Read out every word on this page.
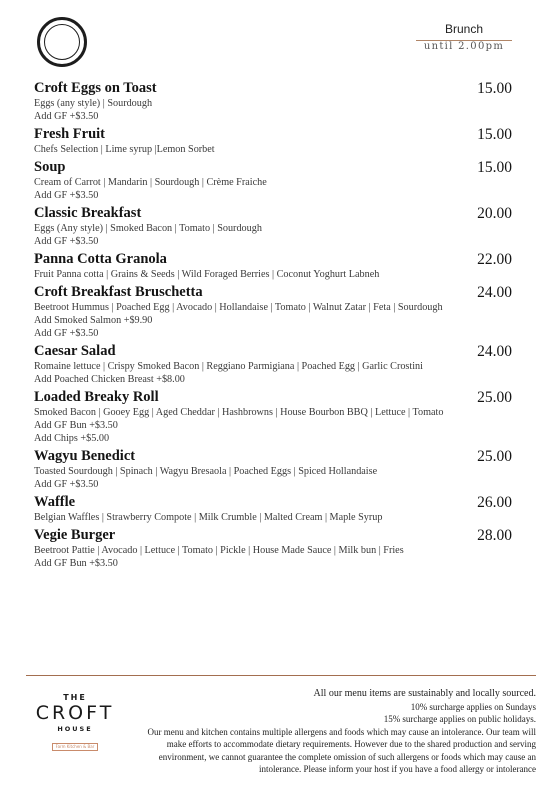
Brunch
until 2.00pm
Croft Eggs on Toast	15.00
Eggs (any style) | Sourdough
Add GF +$3.50
Fresh Fruit	15.00
Chefs Selection | Lime syrup |Lemon Sorbet
Soup	15.00
Cream of Carrot | Mandarin | Sourdough | Crème Fraiche
Add GF +$3.50
Classic Breakfast	20.00
Eggs (Any style) | Smoked Bacon | Tomato | Sourdough
Add GF +$3.50
Panna Cotta Granola	22.00
Fruit Panna cotta | Grains & Seeds | Wild Foraged Berries | Coconut Yoghurt Labneh
Croft Breakfast Bruschetta	24.00
Beetroot Hummus | Poached Egg | Avocado | Hollandaise | Tomato | Walnut Zatar | Feta | Sourdough
Add Smoked Salmon +$9.90
Add GF +$3.50
Caesar Salad	24.00
Romaine lettuce | Crispy Smoked Bacon | Reggiano Parmigiana | Poached Egg | Garlic Crostini
Add Poached Chicken Breast +$8.00
Loaded Breaky Roll	25.00
Smoked Bacon | Gooey Egg | Aged Cheddar | Hashbrowns | House Bourbon BBQ | Lettuce | Tomato
Add GF Bun +$3.50
Add Chips +$5.00
Wagyu Benedict	25.00
Toasted Sourdough | Spinach | Wagyu Bresaola | Poached Eggs | Spiced Hollandaise
Add GF +$3.50
Waffle	26.00
Belgian Waffles | Strawberry Compote | Milk Crumble | Malted Cream | Maple Syrup
Vegie Burger	28.00
Beetroot Pattie | Avocado | Lettuce | Tomato | Pickle | House Made Sauce | Milk bun | Fries
Add GF Bun +$3.50
THE
CROFT
HOUSE
Farm Kitchen & Bar
All our menu items are sustainably and locally sourced.
10% surcharge applies on Sundays
15% surcharge applies on public holidays.
Our menu and kitchen contains multiple allergens and foods which may cause an intolerance. Our team will make efforts to accommodate dietary requirements. However due to the shared production and serving environment, we cannot guarantee the complete omission of such allergens or foods which may cause an intolerance. Please inform your host if you have a food allergy or intolerance
